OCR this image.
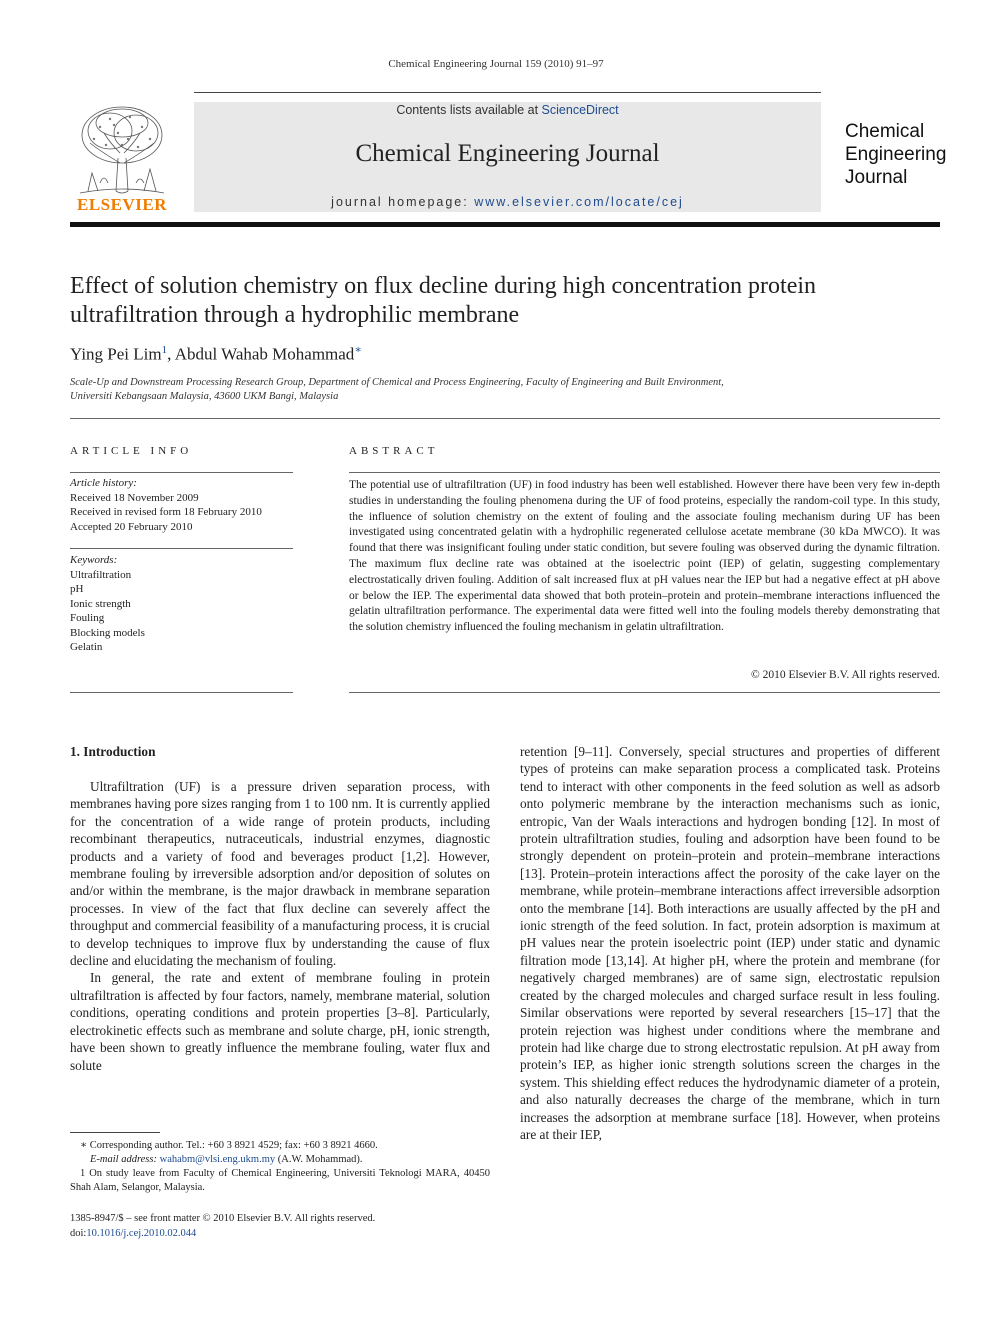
Chemical Engineering Journal 159 (2010) 91–97
Contents lists available at ScienceDirect
Chemical Engineering Journal
journal homepage: www.elsevier.com/locate/cej
ELSEVIER
Chemical
Engineering
Journal
Effect of solution chemistry on flux decline during high concentration protein ultrafiltration through a hydrophilic membrane
Ying Pei Lim$^1$, Abdul Wahab Mohammad∗
Scale-Up and Downstream Processing Research Group, Department of Chemical and Process Engineering, Faculty of Engineering and Built Environment,
Universiti Kebangsaan Malaysia, 43600 UKM Bangi, Malaysia
ARTICLE INFO
Article history:
Received 18 November 2009
Received in revised form 18 February 2010
Accepted 20 February 2010
Keywords:
Ultrafiltration
pH
Ionic strength
Fouling
Blocking models
Gelatin
ABSTRACT
The potential use of ultrafiltration (UF) in food industry has been well established. However there have been very few in-depth studies in understanding the fouling phenomena during the UF of food proteins, especially the random-coil type. In this study, the influence of solution chemistry on the extent of fouling and the associate fouling mechanism during UF has been investigated using concentrated gelatin with a hydrophilic regenerated cellulose acetate membrane (30 kDa MWCO). It was found that there was insignificant fouling under static condition, but severe fouling was observed during the dynamic filtration. The maximum flux decline rate was obtained at the isoelectric point (IEP) of gelatin, suggesting complementary electrostatically driven fouling. Addition of salt increased flux at pH values near the IEP but had a negative effect at pH above or below the IEP. The experimental data showed that both protein–protein and protein–membrane interactions influenced the gelatin ultrafiltration performance. The experimental data were fitted well into the fouling models thereby demonstrating that the solution chemistry influenced the fouling mechanism in gelatin ultrafiltration.
© 2010 Elsevier B.V. All rights reserved.
1. Introduction

Ultrafiltration (UF) is a pressure driven separation process, with membranes having pore sizes ranging from 1 to 100 nm. It is currently applied for the concentration of a wide range of protein products, including recombinant therapeutics, nutraceuticals, industrial enzymes, diagnostic products and a variety of food and beverages product [1,2]. However, membrane fouling by irreversible adsorption and/or deposition of solutes on and/or within the membrane, is the major drawback in membrane separation processes. In view of the fact that flux decline can severely affect the throughput and commercial feasibility of a manufacturing process, it is crucial to develop techniques to improve flux by understanding the cause of flux decline and elucidating the mechanism of fouling.

In general, the rate and extent of membrane fouling in protein ultrafiltration is affected by four factors, namely, membrane material, solution conditions, operating conditions and protein properties [3–8]. Particularly, electrokinetic effects such as membrane and solute charge, pH, ionic strength, have been shown to greatly influence the membrane fouling, water flux and solute

retention [9–11]. Conversely, special structures and properties of different types of proteins can make separation process a complicated task. Proteins tend to interact with other components in the feed solution as well as adsorb onto polymeric membrane by the interaction mechanisms such as ionic, entropic, Van der Waals interactions and hydrogen bonding [12]. In most of protein ultrafiltration studies, fouling and adsorption have been found to be strongly dependent on protein–protein and protein–membrane interactions [13]. Protein–protein interactions affect the porosity of the cake layer on the membrane, while protein–membrane interactions affect irreversible adsorption onto the membrane [14]. Both interactions are usually affected by the pH and ionic strength of the feed solution. In fact, protein adsorption is maximum at pH values near the protein isoelectric point (IEP) under static and dynamic filtration mode [13,14]. At higher pH, where the protein and membrane (for negatively charged membranes) are of same sign, electrostatic repulsion created by the charged molecules and charged surface result in less fouling. Similar observations were reported by several researchers [15–17] that the protein rejection was highest under conditions where the membrane and protein had like charge due to strong electrostatic repulsion. At pH away from protein’s IEP, as higher ionic strength solutions screen the charges in the system. This shielding effect reduces the hydrodynamic diameter of a protein, and also naturally decreases the charge of the membrane, which in turn increases the adsorption at membrane surface [18]. However, when proteins are at their IEP,

∗ Corresponding author. Tel.: +60 3 8921 4529; fax: +60 3 8921 4660.
E-mail address: wahabm@vlsi.eng.ukm.my (A.W. Mohammad).
1 On study leave from Faculty of Chemical Engineering, Universiti Teknologi MARA, 40450 Shah Alam, Selangor, Malaysia.
1385-8947/$ – see front matter © 2010 Elsevier B.V. All rights reserved.
doi:10.1016/j.cej.2010.02.044
